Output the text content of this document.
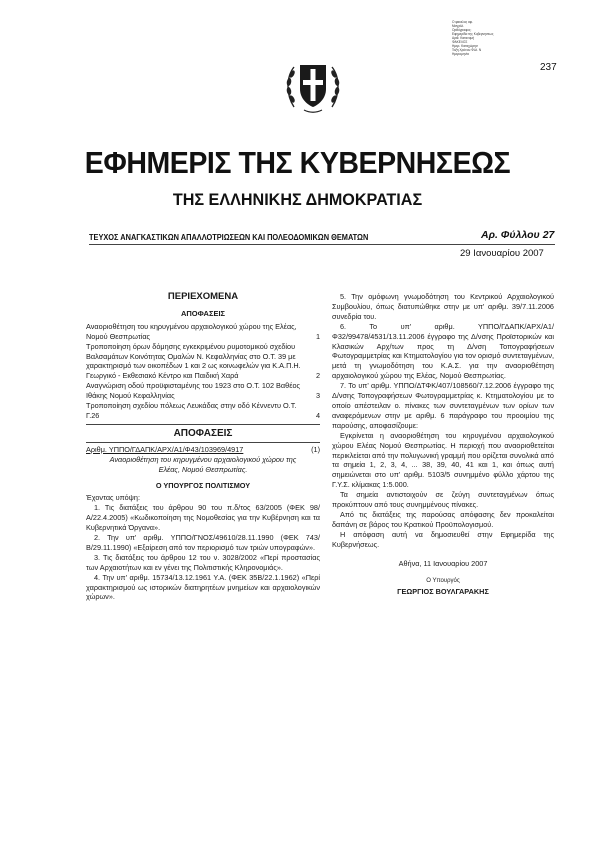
Ο φακελος αφ.
Μαγγάλ.
Ορθόγραφος:
Εφημερίδα της Κυβερνησεως
Αριθ. Κατανομή
ΦΑΚΕΛΟΣ
Ημερ. Καταχώρησ
Ταξη Χρόνου Φύλ. Ν
Ημερομηνία
237
ΕΦΗΜΕΡΙΣ ΤΗΣ ΚΥΒΕΡΝΗΣΕΩΣ
ΤΗΣ ΕΛΛΗΝΙΚΗΣ ΔΗΜΟΚΡΑΤΙΑΣ
ΤΕΥΧΟΣ ΑΝΑΓΚΑΣΤΙΚΩΝ ΑΠΑΛΛΟΤΡΙΩΣΕΩΝ ΚΑΙ ΠΟΛΕΟΔΟΜΙΚΩΝ ΘΕΜΑΤΩΝ	Αρ. Φύλλου 27
29 Ιανουαρίου 2007
ΠΕΡΙΕΧΟΜΕΝΑ
ΑΠΟΦΑΣΕΙΣ
Αναοριοθέτηση του κηρυγμένου αρχαιολογικού χώρου της Ελέας, Νομού Θεσπρωτίας	1
Τροποποίηση όρων δόμησης εγκεκριμένου ρυμοτομικού σχεδίου Βαλσαμάτων Κοινότητας Ομαλών Ν. Κεφαλληνίας στο Ο.Τ. 39 με χαρακτηρισμό των οικοπέδων 1 και 2 ως κοινωφελών για Κ.Α.Π.Η. Γεωργικό - Εκθεσιακό Κέντρο και Παιδική Χαρά	2
Αναγνώριση οδού προϋφισταμένης του 1923 στο Ο.Τ. 102 Βαθέος Ιθάκης Νομού Κεφαλληνίας	3
Τροποποίηση σχεδίου πόλεως Λευκάδας στην οδό Κέννεντυ Ο.Τ. Γ.26	4
ΑΠΟΦΑΣΕΙΣ
Αριθμ. ΥΠΠΟ/ΓΔΑΠΚ/ΑΡΧ/Α1/Φ43/103969/4917	(1)
Αναοριοθέτηση του κηρυγμένου αρχαιολογικού χώρου της Ελέας, Νομού Θεσπρωτίας.
Ο ΥΠΟΥΡΓΟΣ ΠΟΛΙΤΙΣΜΟΥ

Έχοντας υπόψη:

1. Τις διατάξεις του άρθρου 90 του π.δ/τος 63/2005 (ΦΕΚ 98/Α/22.4.2005) «Κωδικοποίηση της Νομοθεσίας για την Κυβέρνηση και τα Κυβερνητικά Όργανα».

2. Την υπ' αριθμ. ΥΠΠΟ/ΓΝΟΣ/49610/28.11.1990 (ΦΕΚ 743/Β/29.11.1990) «Εξαίρεση από τον περιορισμό των τριών υπογραφών».

3. Τις διατάξεις του άρθρου 12 του ν. 3028/2002 «Περί προστασίας των Αρχαιοτήτων και εν γένει της Πολιτιστικής Κληρονομιάς».

4. Την υπ' αριθμ. 15734/13.12.1961 Υ.Α. (ΦΕΚ 35Β/22.1.1962) «Περί χαρακτηρισμού ως ιστορικών διατηρητέων μνημείων και αρχαιολογικών χώρων».

5. Την ομόφωνη γνωμοδότηση του Κεντρικού Αρχαιολογικού Συμβουλίου, όπως διατυπώθηκε στην με υπ' αριθμ. 39/7.11.2006 συνεδρία του.

6. Το υπ' αριθμ. ΥΠΠΟ/ΓΔΑΠΚ/ΑΡΧ/Α1/Φ32/99478/4531/13.11.2006 έγγραφο της Δ/νσης Προϊστορικών και Κλασικών Αρχ/των προς τη Δ/νση Τοπογραφήσεων Φωτογραμμετρίας και Κτηματολογίου για τον ορισμό συντεταγμένων, μετά τη γνωμοδότηση του Κ.Α.Σ. για την αναοριοθέτηση αρχαιολογικού χώρου της Ελέας, Νομού Θεσπρωτίας.

7. Το υπ' αριθμ. ΥΠΠΟ/ΔΤΦΚ/407/108560/7.12.2006 έγγραφο της Δ/νσης Τοπογραφήσεων Φωτογραμμετρίας κ. Κτηματολογίου με το οποίο απέστειλαν ο. πίνακες των συντεταγμένων των ορίων των αναφερόμενων στην με αριθμ. 6 παράγραφο του προοιμίου της παρούσης, αποφασίζουμε:

Εγκρίνεται η αναοριοθέτηση του κηρυγμένου αρχαιολογικού χώρου Ελέας Νομού Θεσπρωτίας. Η περιοχή που αναοριοθετείται περικλείεται από την πολυγωνική γραμμή που ορίζεται συνολικά από τα σημεία 1, 2, 3, 4, ... 38, 39, 40, 41 και 1, και όπως αυτή σημειώνεται στο υπ' αριθμ. 5103/5 συνημμένο φύλλο χάρτου της Γ.Υ.Σ. κλίμακας 1:5.000.

Τα σημεία αντιστοιχούν σε ζεύγη συντεταγμένων όπως προκύπτουν από τους συνημμένους πίνακες.

Από τις διατάξεις της παρούσας απόφασης δεν προκαλείται δαπάνη σε βάρος του Κρατικού Προϋπολογισμού.

Η απόφαση αυτή να δημοσιευθεί στην Εφημερίδα της Κυβερνήσεως.

Αθήνα, 11 Ιανουαρίου 2007
Ο Υπουργός
ΓΕΩΡΓΙΟΣ ΒΟΥΛΓΑΡΑΚΗΣ
